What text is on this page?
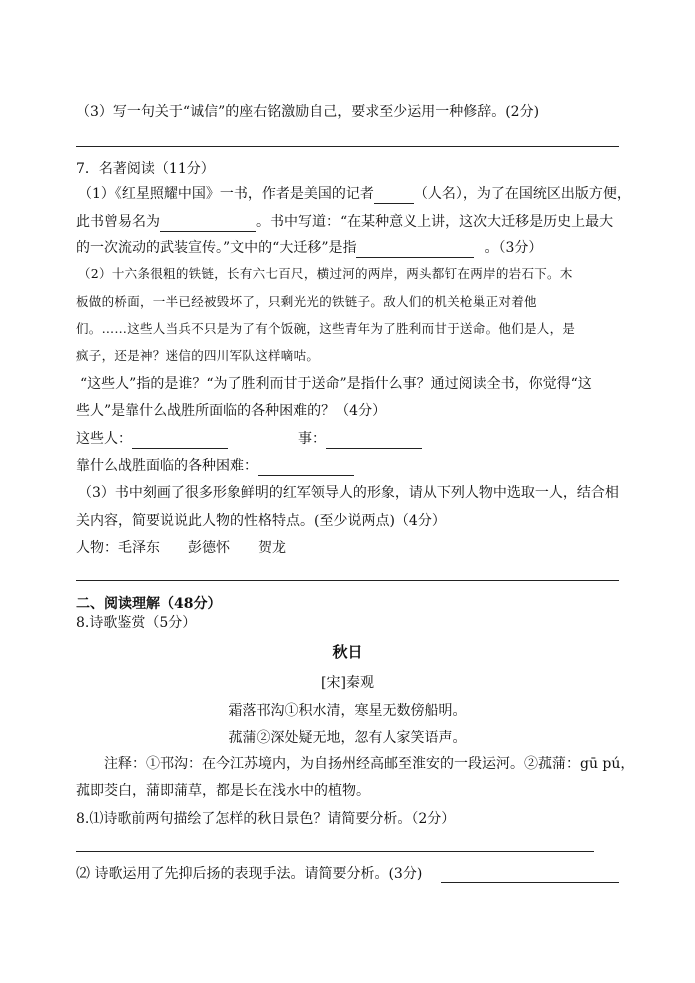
（3）写一句关于“诚信”的座右铭激励自己，要求至少运用一种修辞。(2分)
7．名著阅读（11分）
（1）《红星照耀中国》一书，作者是美国的记者	（人名），为了在国统区出版方便，
此书曾易名为	。书中写道：“在某种意义上讲，这次大迁移是历史上最大
的一次流动的武装宣传。”文中的“大迁移”是指	。（3分）
（2）十六条很粗的铁链，长有六七百尺，横过河的两岸，两头都钉在两岸的岩石下。木
板做的桥面，一半已经被毁坏了，只剩光光的铁链子。敌人们的机关枪巢正对着他
们。……这些人当兵不只是为了有个饭碗，这些青年为了胜利而甘于送命。他们是人，是
疯子，还是神？迷信的四川军队这样嘀咕。
“这些人”指的是谁？“为了胜利而甘于送命”是指什么事？通过阅读全书，你觉得“这
些人”是靠什么战胜所面临的各种困难的？（4分）
这些人：	事：
靠什么战胜面临的各种困难：
（3）书中刻画了很多形象鲜明的红军领导人的形象，请从下列人物中选取一人，结合相
关内容，简要说说此人物的性格特点。(至少说两点)（4分）
人物：毛泽东 彭德怀 贺龙
二、阅读理解（48分）
8.诗歌鉴赏（5分）
秋日
[宋]秦观
霜落邗沟①积水清，寒星无数傍船明。
菰蒲②深处疑无地，忽有人家笑语声。
注释：①邗沟：在今江苏境内，为自扬州经高邮至淮安的一段运河。②菰蒲：gū pú，
菰即茭白，蒲即蒲草，都是长在浅水中的植物。
8.⑴诗歌前两句描绘了怎样的秋日景色？请简要分析。（2分）
⑵ 诗歌运用了先抑后扬的表现手法。请简要分析。(3分)
